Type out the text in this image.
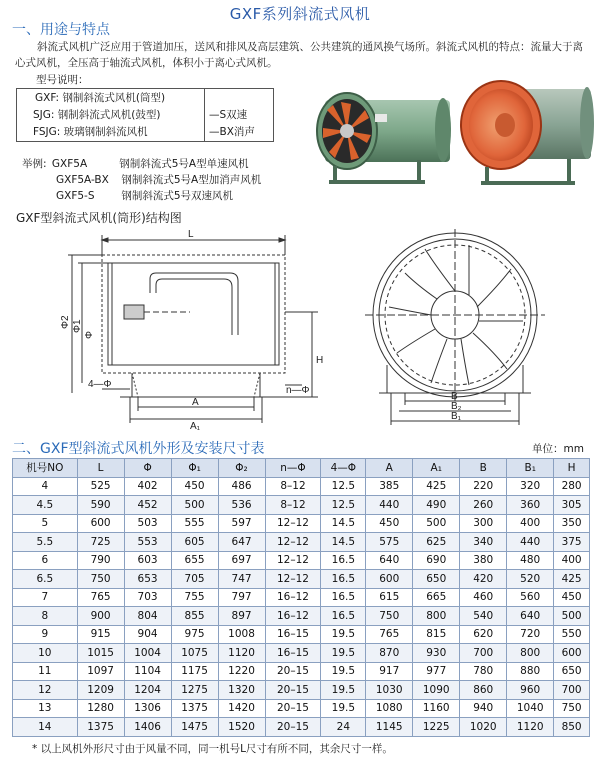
GXF系列斜流式风机
一、用途与特点
斜流式风机广泛应用于管道加压，送风和排风及高层建筑、公共建筑的通风换气场所。斜流式风机的特点：流量大于离心式风机，全压高于轴流式风机，体积小于离心式风机。
型号说明：
GXF: 钢制斜流式风机(筒型)
SJG: 钢制斜流式风机(鼓型)
FSJG: 玻璃钢制斜流风机
—S双速
—BX消声
举例: GXF5A	钢制斜流式5号A型单速风机
GXF5A-BX 钢制斜流式5号A型加消声风机
GXF5-S	钢制斜流式5号双速风机
GXF型斜流式风机(筒形)结构图
L
Φ2 Φ1
Φ
H
4—Φ
n—Φ
A
A₁
B
B₂
B₁
二、GXF型斜流式风机外形及安装尺寸表	单位：mm
机号NO	L	Φ	Φ₁	Φ₂	n—Φ	4—Φ	A	A₁	B	B₁	H
4	525	402	450	486	8–12	12.5	385	425	220	320	280
4.5	590	452	500	536	8–12	12.5	440	490	260	360	305
5	600	503	555	597	12–12	14.5	450	500	300	400	350
5.5	725	553	605	647	12–12	14.5	575	625	340	440	375
6	790	603	655	697	12–12	16.5	640	690	380	480	400
6.5	750	653	705	747	12–12	16.5	600	650	420	520	425
7	765	703	755	797	16–12	16.5	615	665	460	560	450
8	900	804	855	897	16–12	16.5	750	800	540	640	500
9	915	904	975	1008	16–15	19.5	765	815	620	720	550
10	1015	1004	1075	1120	16–15	19.5	870	930	700	800	600
11	1097	1104	1175	1220	20–15	19.5	917	977	780	880	650
12	1209	1204	1275	1320	20–15	19.5	1030	1090	860	960	700
13	1280	1306	1375	1420	20–15	19.5	1080	1160	940	1040	750
14	1375	1406	1475	1520	20–15	24	1145	1225	1020	1120	850
* 以上风机外形尺寸由于风量不同，同一机号L尺寸有所不同，其余尺寸一样。
